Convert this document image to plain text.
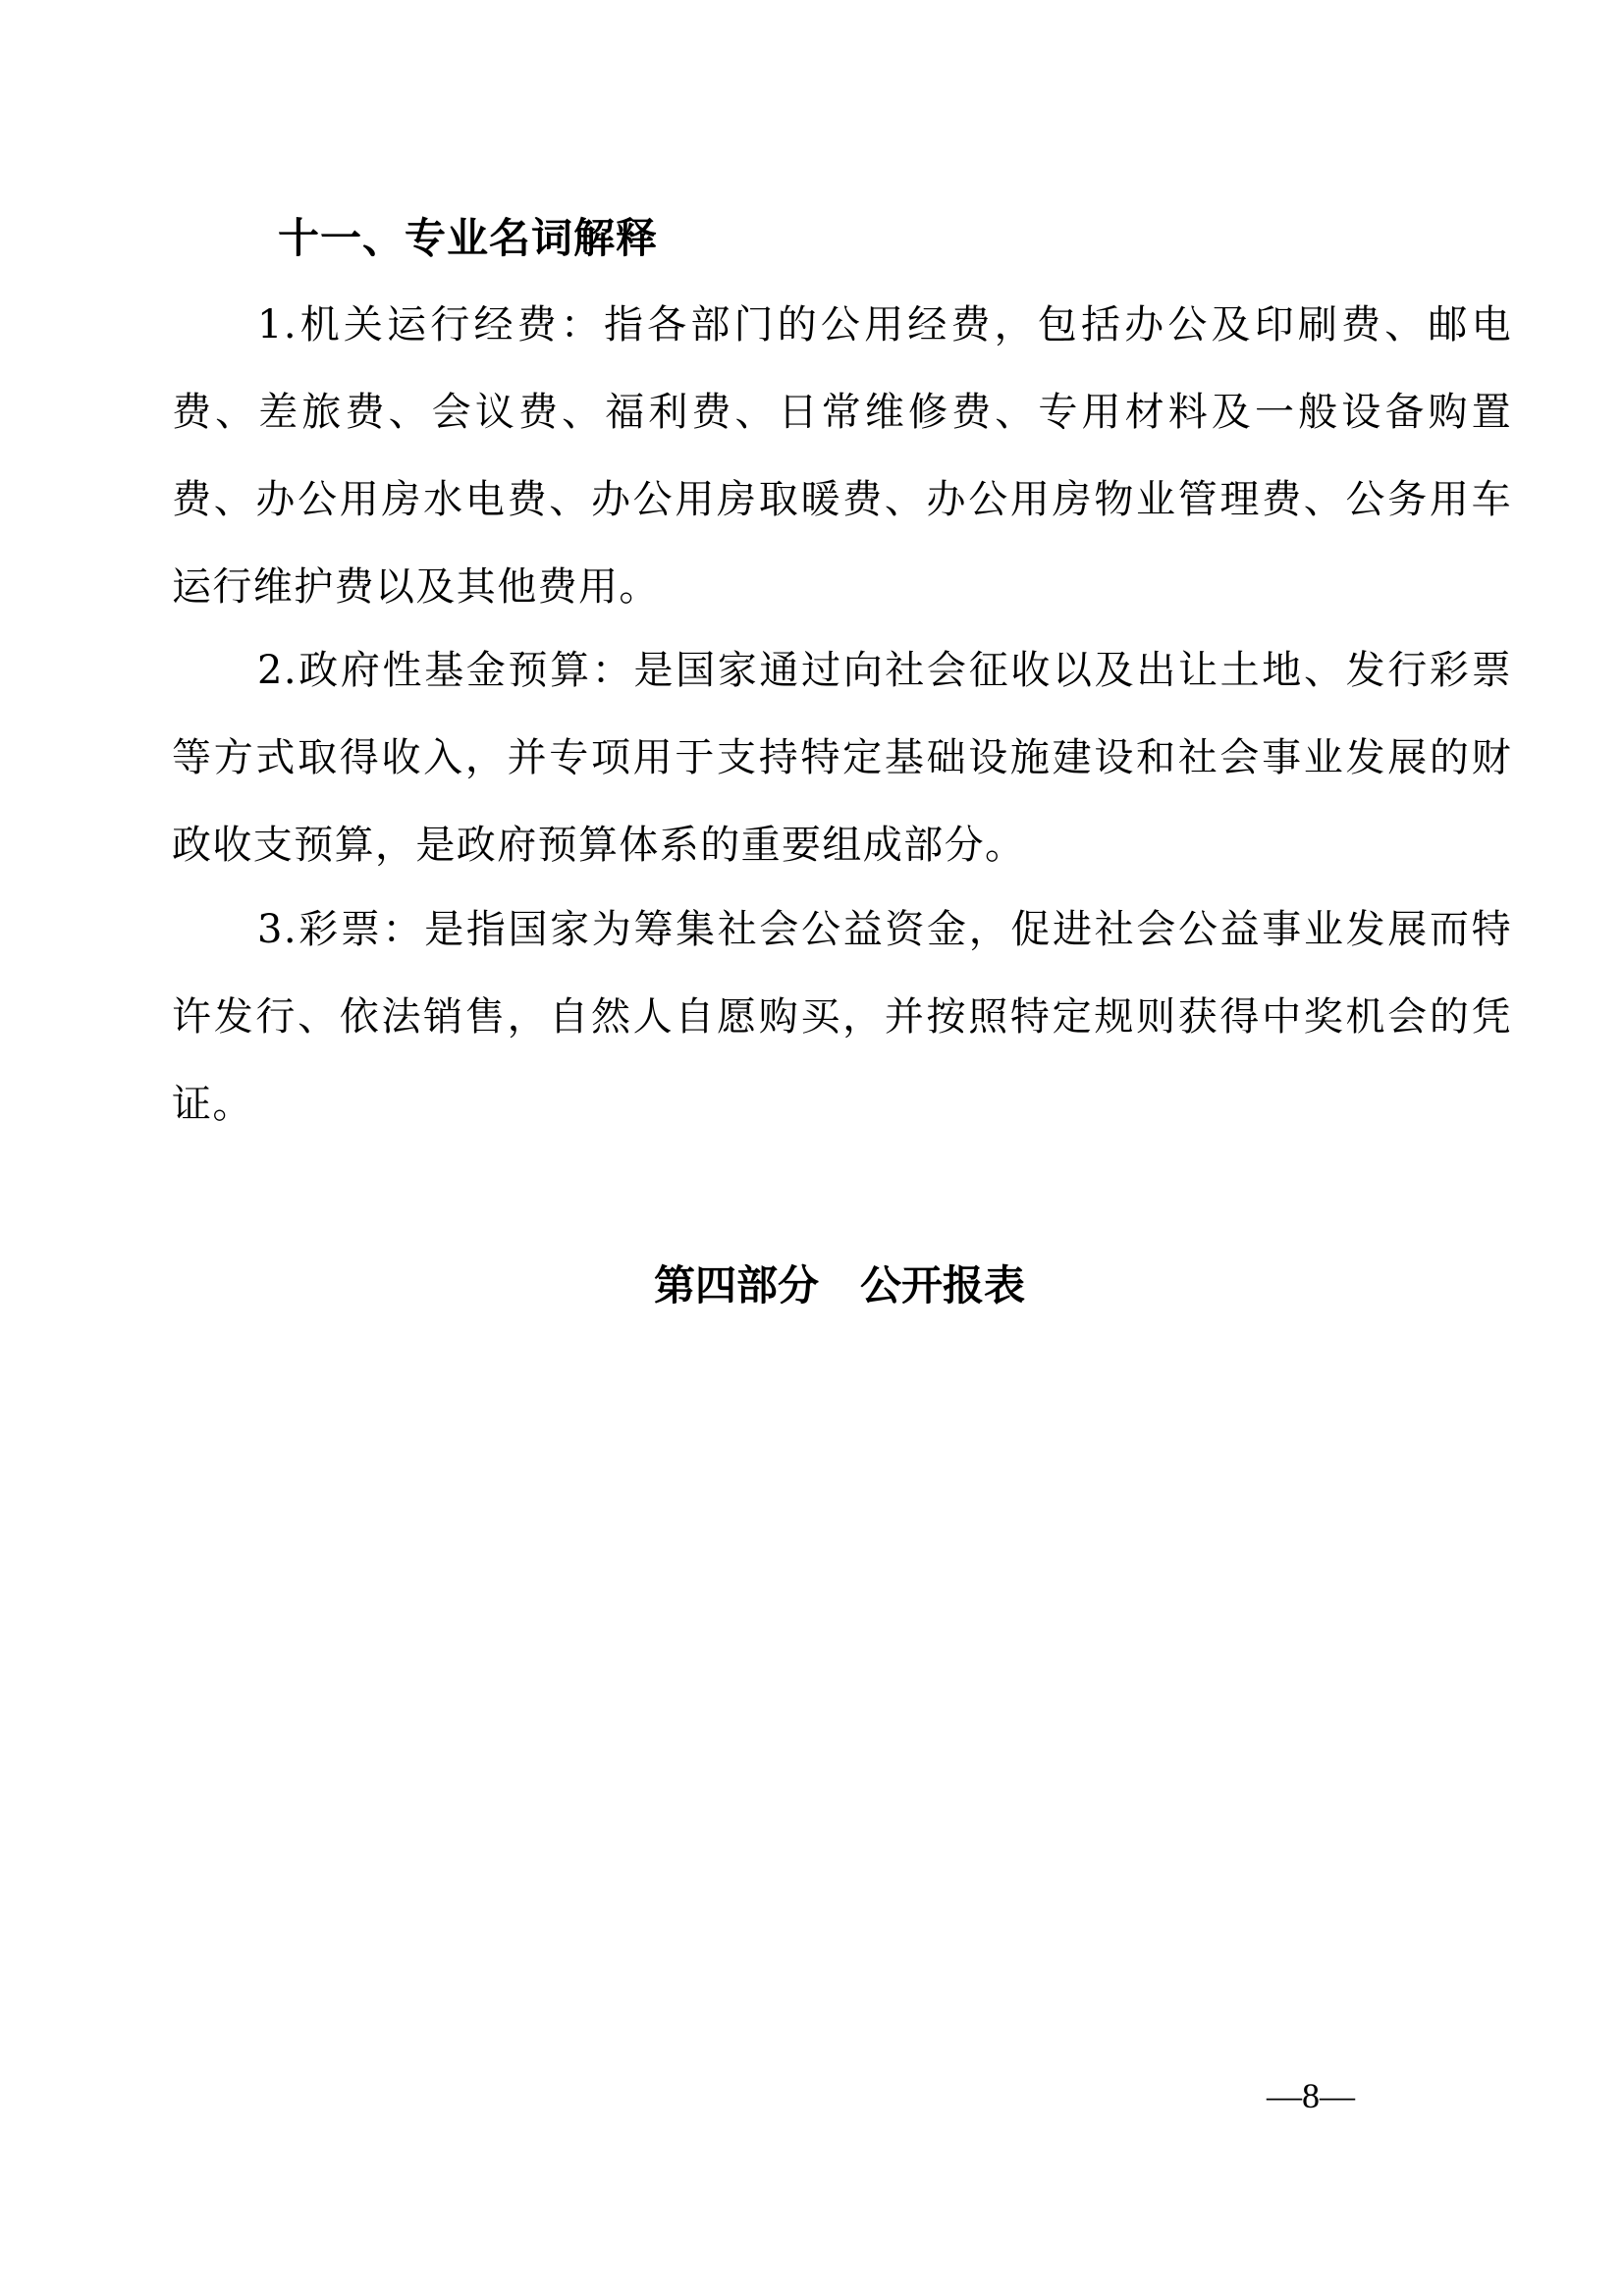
十一、专业名词解释

1.机关运行经费：指各部门的公用经费，包括办公及印刷费、邮电费、差旅费、会议费、福利费、日常维修费、专用材料及一般设备购置费、办公用房水电费、办公用房取暖费、办公用房物业管理费、公务用车运行维护费以及其他费用。

2.政府性基金预算：是国家通过向社会征收以及出让土地、发行彩票等方式取得收入，并专项用于支持特定基础设施建设和社会事业发展的财政收支预算，是政府预算体系的重要组成部分。

3.彩票：是指国家为筹集社会公益资金，促进社会公益事业发展而特许发行、依法销售，自然人自愿购买，并按照特定规则获得中奖机会的凭证。

第四部分　公开报表
—8—
